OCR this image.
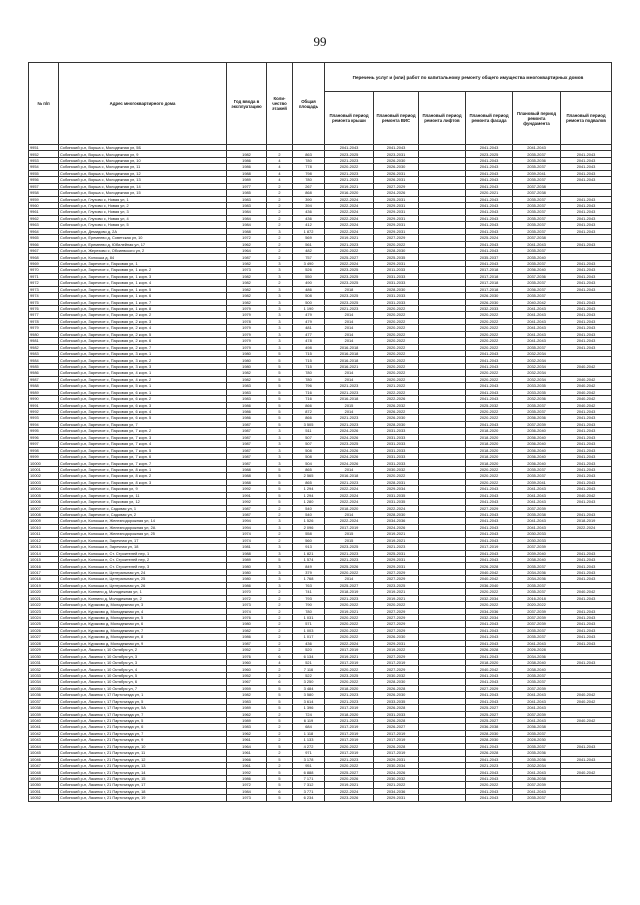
99
№ п/п	Адрес многоквартирного дома	Год ввода в эксплуатацию	Коли-чество этажей	Общая площадь	Перечень услуг и (или) работ по капитальному ремонту общего имущества многоквартирных домов					
					Плановый период ремонта крыши	Плановый период ремонта ВИС	Плановый период ремонта лифтов	Плановый период ремонта фасада	Плановый период ремонта фундамента	Плановый период ремонта подвалов
9951	Собинский р-н, Ворша с, Молодежная ул, 5Б				2041-2043	2041-2043		2041-2043	2041-2043	
9952	Собинский р-н, Ворша с, Молодежная ул, 9	1982	2	863	2023-2025	2023-2031		2023-2025	2035-2037	2041-2043
9953	Собинский р-н, Ворша с, Молодежная ул, 10	1986	4	780	2021-2023	2026-2030		2041-2043	2035-2036	2041-2043
9954	Собинский р-н, Ворша с, Молодежная ул, 11	1986	4	778	2020-2022	2026-2030		2041-2043	2035-2037	2041-2043
9955	Собинский р-н, Ворша с, Молодежная ул, 12	1988	4	798	2021-2023	2026-2031		2041-2043	2039-2041	2041-2043
9956	Собинский р-н, Ворша с, Молодежная ул, 13	1989	4	780	2021-2023	2026-2031		2041-2043	2035-2037	2041-2043
9957	Собинский р-н, Ворша с, Молодежная ул, 14	1977	2	267	2019-2021	2027-2029		2041-2043	2037-2038	
9958	Собинский р-н, Ворша с, Молодежная ул, 15	1985	2	868	2016-2020	2024-2026		2020-2021	2037-2038	
9959	Собинский р-н, Глухово с, Новая ул, 1	1983	2	390	2022-2024	2025-2031		2041-2043	2035-2037	2041-2043
9960	Собинский р-н, Глухово с, Новая ул, 2	1983	2	394	2022-2024	2029-2031		2041-2043	2035-2037	2041-2043
9961	Собинский р-н, Глухово с, Новая ул, 3	1984	2	436	2022-2024	2029-2031		2041-2043	2035-2037	2041-2043
9962	Собинский р-н, Глухово с, Новая ул, 4	1984	2	436	2022-2024	2029-2031		2041-2043	2035-2037	2041-2043
9963	Собинский р-н, Глухово с, Новая ул, 5	1984	2	412	2022-2024	2029-2031		2041-2043	2035-2037	2041-2043
9964	Собинский р-н, Демидово д, 2А	1988	3	1 872	2022-2024	2029-2031		2041-2043	2035-2037	2041-2043
9965	Собинский р-н, Еремеево д, Советская ул, 10	1972	2	569	2019-2021	2027-2029		2025-2024	2037-2038	
9966	Собинский р-н, Еремеево д, Юбилейная ул, 17	1962	2	561	2021-2023	2020-2022		2041-2043	2041-2043	2041-2043
9967	Собинский р-н, Жерехово с, Обсиевского ул, 2	1964	2	482	2020-2022	2028-2030		2041-2043	2035-2037	
9968	Собинский р-н, Колокша д, 84	1987	2	757	2025-2027	2025-2035		2035-2037	2035-2040	
9969	Собинский р-н, Заречное с, Парковая ул, 1	1982	3	3 490	2022-2024	2029-2031		2041-2043	2035-2037	2041-2043
9970	Собинский р-н, Заречное с, Парковая ул, 1 корп. 2	1973	3	526	2023-2025	2011-2033		2017-2018	2036-2040	2041-2043
9971	Собинский р-н, Заречное с, Парковая ул, 1 корп. 3	1982	3	550	2023-2025	2031-2033		2017-2018	2037-2036	2041-2043
9972	Собинский р-н, Заречное с, Парковая ул, 1 корп. 4	1982	2	490	2023-2025	2031-2033		2017-2018	2035-2037	2041-2043
9973	Собинский р-н, Заречное с, Парковая ул, 1 корп. 5	1982	3	486	2018	2028-2030		2017-2018	2036-2037	2041-2043
9974	Собинский р-н, Заречное с, Парковая ул, 1 корп. 6	1982	3	508	2023-2025	2031-2033		2026-2030	2035-2037	
9975	Собинский р-н, Заречное с, Парковая ул, 1 корп. 7	1982	3	500	2023-2025	2031-2033		2026-2030	2040-2042	2041-2043
9976	Собинский р-н, Заречное с, Парковая ул, 1 корп. 8	1979	3	1 190	2021-2023	2020-2022		2032-2033	2041-2043	2041-2043
9977	Собинский р-н, Заречное с, Парковая ул, 2 корп. 2	1979	3	479	2014	2020-2022		2020-2022	2041-2043	2041-2043
9978	Собинский р-н, Заречное с, Парковая ул, 2 корп. 3	1978	3	479	2014	2020-2022		2020-2022	2041-2043	2041-2043
9979	Собинский р-н, Заречное с, Парковая ул, 2 корп. 4	1979	3	481	2014	2020-2022		2020-2022	2041-2043	2041-2043
9980	Собинский р-н, Заречное с, Парковая ул, 2 корп. 5	1979	3	477	2014	2020-2022		2020-2022	2041-2043	2041-2043
9981	Собинский р-н, Заречное с, Парковая ул, 2 корп. 6	1979	3	478	2014	2020-2022		2020-2022	2041-2043	2041-2043
9982	Собинский р-н, Заречное с, Парковая ул, 2 корп. 7	1979	3	498	2016-2018	2020-2022		2020-2022	2035-2037	2041-2043
9983	Собинский р-н, Заречное с, Парковая ул, 3 корп. 1	1980	5	715	2016-2018	2020-2022		2041-2043	2032-2034	
9984	Собинский р-н, Заречное с, Парковая ул, 3 корп. 2	1980	5	715	2016-2018	2020-2022		2041-2043	2032-2034	
9985	Собинский р-н, Заречное с, Парковая ул, 3 корп. 3	1980	5	715	2016-2021	2020-2022		2041-2043	2032-2034	2040-2042
9986	Собинский р-н, Заречное с, Парковая ул, 4 корп. 1	1982	5	780	2014	2020-2022		2020-2022	2032-2034	
9987	Собинский р-н, Заречное с, Парковая ул, 4 корп. 2	1982	5	780	2014	2020-2022		2020-2022	2032-2034	2040-2042
9988	Собинский р-н, Заречное с, Парковая ул, 5 корп. 1	1983	5	796	2021-2023	2021-2022		2041-2043	2033-2035	2040-2042
9989	Собинский р-н, Заречное с, Парковая ул, 6 корп. 1	1983	5	716	2021-2023	2022-2022		2041-2043	2033-2035	2040-2042
9990	Собинский р-н, Заречное с, Парковая ул, 6 корп. 2	1983	5	716	2016-2018	2022-2026		2041-2043	2032-2036	2040-2042
9991	Собинский р-н, Заречное с, Парковая ул, 6 корп. 3	1986	5	866	2015	2026-2032		2025-2032	2035-2037	2040-2042
9992	Собинский р-н, Заречное с, Парковая ул, 6 корп. 4	1986	5	872	2014	2026-2022		2020-2022	2035-2037	2041-2043
9993	Собинский р-н, Заречное с, Парковая ул, 6 корп. 5	1986	5	866	2021-2023	2026-2030		2020-2022	2036-2036	2041-2043
9994	Собинский р-н, Заречное с, Парковая ул, 7	1987	5	3 505	2021-2023	2028-2030		2041-2043	2037-2039	2041-2043
9995	Собинский р-н, Заречное с, Парковая ул, 7 корп. 2	1987	3	511	2024-2026	2031-2033		2018-2020	2036-2040	2041-2043
9996	Собинский р-н, Заречное с, Парковая ул, 7 корп. 3	1987	3	507	2024-2026	2031-2033		2018-2020	2036-2040	2041-2043
9997	Собинский р-н, Заречное с, Парковая ул, 7 корп. 4	1987	3	507	2023-2025	2031-2033		2018-2020	2036-2040	2041-2043
9998	Собинский р-н, Заречное с, Парковая ул, 7 корп. 5	1987	3	508	2024-2026	2031-2033		2018-2020	2036-2040	2041-2043
9999	Собинский р-н, Заречное с, Парковая ул, 7 корп. 6	1987	3	508	2024-2026	2031-2033		2018-2020	2036-2040	2041-2043
10000	Собинский р-н, Заречное с, Парковая ул, 7 корп. 7	1987	3	504	2024-2026	2031-2033		2018-2020	2036-2040	2041-2043
10001	Собинский р-н, Заречное с, Парковая ул, 8 корп. 1	1988	5	865	2014	2030-2032		2020-2022	2035-2037	2041-2043
10002	Собинский р-н, Заречное с, Парковая ул, 8 корп. 2	1988	5	2 565	2016-2018	2020-2022		2020-2022	2035-2037	2041-2043
10003	Собинский р-н, Заречное с, Парковая ул, 8 корп. 3	1988	5	865	2021-2023	2028-2031		2020-2022	2039-2041	2041-2043
10004	Собинский р-н, Заречное с, Парковая ул, 9	1992	5	1 294	2022-2024	2029-2034		2041-2043	2041-2043	2041-2043
10005	Собинский р-н, Заречное с, Парковая ул, 11	1991	5	1 294	2022-2024	2031-2035		2041-2043	2041-2043	2040-2042
10006	Собинский р-н, Заречное с, Парковая ул, 12	1992	5	1 280	2022-2024	2031-2035		2041-2043	2041-2043	2041-2043
10007	Собинский р-н, Заречное с, Садовая ул, 1	1987	2	540	2018-2020	2022-2024		2027-2029	2037-2039	
10008	Собинский р-н, Заречное с, Садовая ул, 2	1987	2	540	2014	2028-2030		2041-2043	2035-2038	2041-2043
10009	Собинский р-н, Колокша п, Железнодорожная ул, 14	1994	3	1 526	2022-2024	2034-2036		2041-2043	2041-2043	2018-2019
10010	Собинский р-н, Колокша п, Железнодорожная ул, 2А	1994	3	2 096	2017-2019	2024-2026		2041-2043	2041-2043	2022-2024
10011	Собинский р-н, Колокша п, Железнодорожная ул, 25	1974	2	558	2015	2019-2021		2041-2043	2030-2033	
10012	Собинский р-н, Колокша п, Заречная ул, 17	1974	2	560	2015	2019-2021		2041-2043	2030-2033	
10013	Собинский р-н, Колокша п, Заречная ул, 18	1981	3	913	2023-2025	2021-2023		2017-2019	2037-2039	
10014	Собинский р-н, Колокша п, Ст. Строителей пер, 1	1988	3	1 821	2021-2023	2025-2031		2041-2043	2039-2040	2041-2043
10015	Собинский р-н, Колокша п, Ст. Строителей пер, 2	1989	5	1 574	2021-2023	2029-2031		2041-2043	2038-2040	2041-2043
10016	Собинский р-н, Колокша п, Ст. Строителей пер, 3	1980	3	849	2025-2026	2029-2031		2026-2028	2035-2037	2041-2043
10017	Собинский р-н, Колокша п, Центральная ул, 24	1980	3	379	2020-2022	2027-2029		2040-2042	2034-2036	2041-2043
10018	Собинский р-н, Колокша п, Центральная ул, 25	1980	3	1 768	2014	2027-2029		2040-2042	2034-2036	2041-2043
10019	Собинский р-н, Колокша п, Центральная ул, 26	1986	3	763	2025-2027	2023-2025		2036-2040	2035-2037	
10020	Собинский р-н, Копнино д, Молодежная ул, 1	1970	2	741	2018-2019	2019-2021		2020-2022	2035-2037	2040-2042
10021	Собинский р-н, Копнино д, Молодежная ул, 2	1972	2	793	2021-2023	2019-2021		2032-2034	2016-2018	2041-2043
10022	Собинский р-н, Кураково д, Молодежная ул, 3	1973	2	790	2020-2022	2020-2022		2020-2022	2020-2022	
10023	Собинский р-н, Кураково д, Молодежная ул, 4	1974	2	780	2019-2021	2027-2029		2034-2036	2037-2039	2041-2043
10024	Собинский р-н, Кураково д, Молодежная ул, 5	1976	2	1 031	2020-2022	2027-2029		2032-2034	2037-2039	2041-2043
10025	Собинский р-н, Кураково д, Молодежная ул, 6	1980	2	571	2020-2022	2027-2029		2041-2043	2037-2039	2041-2043
10026	Собинский р-н, Кураково д, Молодежная ул, 7	1982	2	1 003	2020-2022	2027-2029		2041-2043	2035-2037	2041-2043
10027	Собинский р-н, Кураково д, Молодежная ул, 8	1986	2	1 017	2020-2022	2026-2030		2041-2043	2035-2037	2041-2043
10028	Собинский р-н, Кураково д, Молодежная ул, 9	1987	2	436	2022-2024	2029-2031		2041-2043	2041-2043	2041-2043
10029	Собинский р-н, Лакинск г, 10 Октября ул, 2	1952	2	520	2017-2019	2019-2022		2026-2028	2026-2028	
10030	Собинский р-н, Лакинск г, 10 Октября ул, 3	1976	6	6 134	2019-2021	2027-2029		2041-2043	2034-2036	
10031	Собинский р-н, Лакинск г, 10 Октября ул, 3	1960	4	521	2017-2019	2017-2019		2018-2020	2038-2040	2041-2043
10032	Собинский р-н, Лакинск г, 10 Октября ул, 4	1960	2	7 116	2020-2022	2027-2029		2040-2042	2038-2040	
10033	Собинский р-н, Лакинск г, 10 Октября ул, 5	1952	2	522	2023-2025	2030-2032		2041-2043	2035-2037	
10034	Собинский р-н, Лакинск г, 10 Октября ул, 6	1967	6	3 250	2020-2022	2028-2030		2041-2043	2035-2037	
10035	Собинский р-н, Лакинск г, 10 Октября ул, 7	1959	5	3 484	2018-2020	2026-2028		2027-2029	2037-2039	
10036	Собинский р-н, Лакинск г, 17 Партсъезда ул, 1	1982	5	3 580	2021-2023	2026-2030		2041-2043	2041-2043	2040-2042
10037	Собинский р-н, Лакинск г, 17 Партсъезда ул, 5	1983	5	3 614	2021-2023	2033-2035		2041-2043	2041-2043	2040-2042
10038	Собинский р-н, Лакинск г, 17 Партсъезда ул, 5А	1989	5	1 396	2017-2019	2026-2028		2025-2027	2041-2043	
10039	Собинский р-н, Лакинск г, 17 Партсъезда ул, 7	1962	2	724	2018-2020	2031-2033		2025-2027	2037-2039	
10040	Собинский р-н, Лакинск г, 21 Партсъезда ул, 5	1989	5	6 119	2021-2023	2026-2028		2025-2027	2041-2043	2040-2042
10041	Собинский р-н, Лакинск г, 21 Партсъезда ул, 6	1983	2	684	2017-2019	2026-2027		2036-2038	2036-2038	
10042	Собинский р-н, Лакинск г, 21 Партсъезда ул, 7	1962	2	1 118	2017-2019	2017-2019		2028-2030	2035-2037	
10043	Собинский р-н, Лакинск г, 21 Партсъезда ул, 9	1961	2	1 133	2017-2019	2017-2019		2028-2030	2028-2030	
10044	Собинский р-н, Лакинск г, 21 Партсъезда ул, 10	1964	5	4 272	2020-2022	2026-2028		2041-2043	2035-2037	2041-2043
10045	Собинский р-н, Лакинск г, 21 Партсъезда ул, 11	1961	2	971	2017-2019	2017-2019		2026-2028	2035-2036	
10046	Собинский р-н, Лакинск г, 21 Партсъезда ул, 12	1966	5	3 178	2021-2023	2029-2031		2041-2043	2035-2036	2041-2043
10047	Собинский р-н, Лакинск г, 21 Партсъезда ул, 13	1961	2	951	2020-2022	2030-2034		2021-2023	2032-2034	
10048	Собинский р-н, Лакинск г, 21 Партсъезда ул, 14	1992	5	6 888	2025-2027	2024-2026		2041-2043	2041-2043	2040-2042
10049	Собинский р-н, Лакинск г, 21 Партсъезда ул, 15	1986	5	7 171	2020-2026	2030-2032		2041-2043	2036-2038	
10050	Собинский р-н, Лакинск г, 21 Партсъезда ул, 17	1972	5	7 312	2019-2021	2021-2022		2020-2022	2037-2039	
10051	Собинский р-н, Лакинск г, 21 Партсъезда ул, 18	1984	6	3 771	2022-2024	2034-2036		2041-2043	2041-2043	
10052	Собинский р-н, Лакинск г, 21 Партсъезда ул, 19	1973	5	6 234	2023-2026	2029-2031		2041-2043	2035-2037	
